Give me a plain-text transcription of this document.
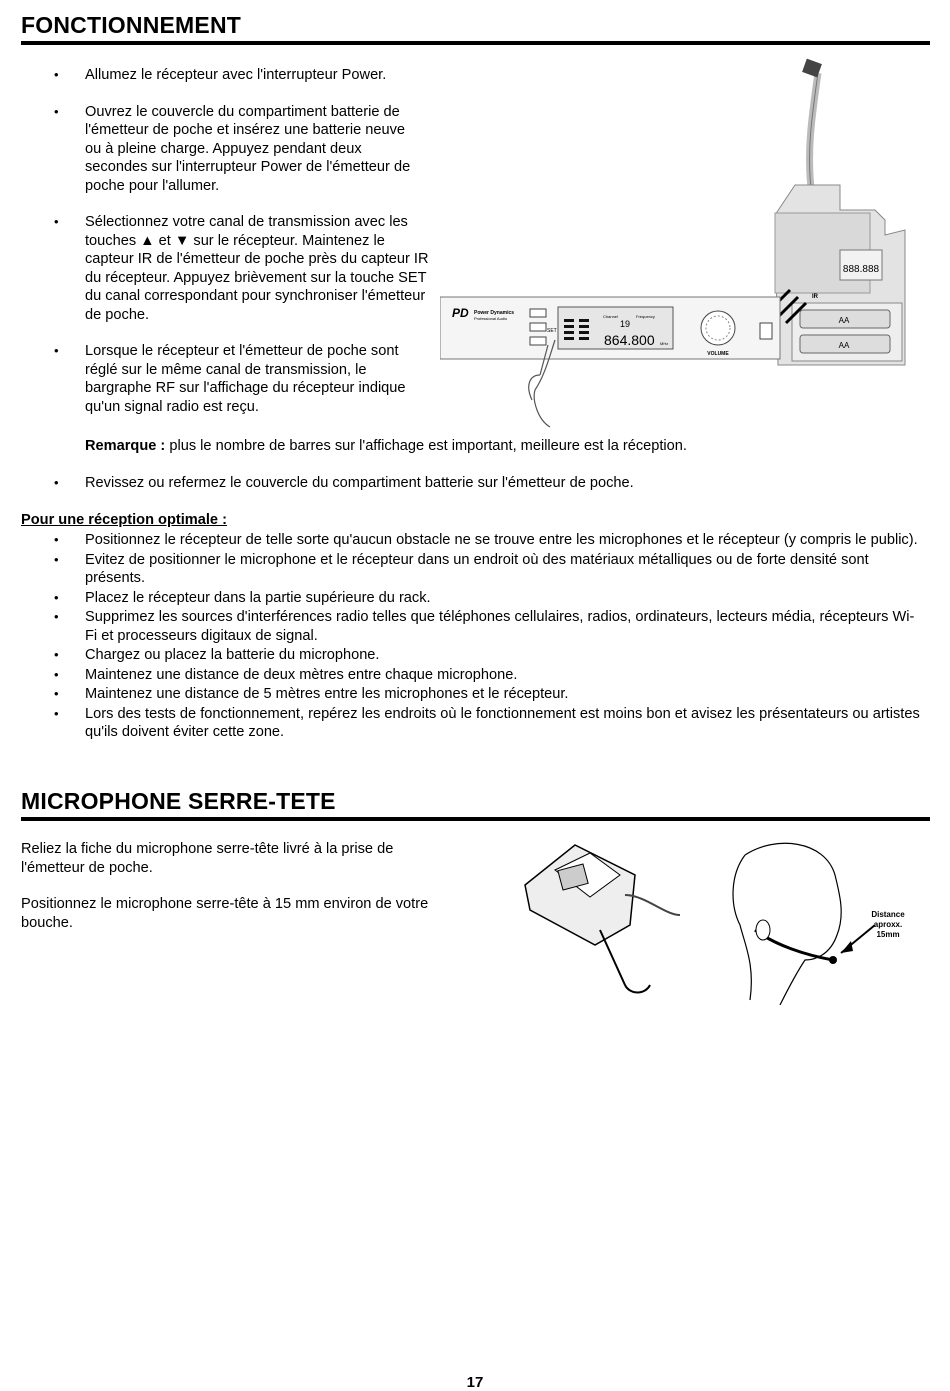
FONCTIONNEMENT
• Allumez le récepteur avec l'interrupteur Power.
• Ouvrez le couvercle du compartiment batterie de l'émetteur de poche et insérez une batterie neuve ou à pleine charge. Appuyez pendant deux secondes sur l'interrupteur Power de l'émetteur de poche pour l'allumer.
• Sélectionnez votre canal de transmission avec les touches ▲ et ▼ sur le récepteur. Maintenez le capteur IR de l'émetteur de poche près du capteur IR du récepteur. Appuyez brièvement sur la touche SET du canal correspondant pour synchroniser l'émetteur de poche.
• Lorsque le récepteur et l'émetteur de poche sont réglé sur le même canal de transmission, le bargraphe RF sur l'affichage du récepteur indique qu'un signal radio est reçu.
Remarque : plus le nombre de barres sur l'affichage est important, meilleure est la réception.
• Revissez ou refermez le couvercle du compartiment batterie sur l'émetteur de poche.
Pour une réception optimale :
• Positionnez le récepteur de telle sorte qu'aucun obstacle ne se trouve entre les microphones et le récepteur (y compris le public).
• Evitez de positionner le microphone et le récepteur dans un endroit où des matériaux métalliques ou de forte densité sont présents.
• Placez le récepteur dans la partie supérieure du rack.
• Supprimez les sources d'interférences radio telles que téléphones cellulaires, radios, ordinateurs, lecteurs média, récepteurs Wi-Fi et processeurs digitaux de signal.
• Chargez ou placez la batterie du microphone.
• Maintenez une distance de deux mètres entre chaque microphone.
• Maintenez une distance de 5 mètres entre les microphones et le récepteur.
• Lors des tests de fonctionnement, repérez les endroits où le fonctionnement est moins bon et avisez les présentateurs ou artistes qu'ils doivent éviter cette zone.
888.888
IR
AA
AA
PD Power Dynamics
Professional Audio
SET
Channel	Frequency
19
864.800 MHz
VOLUME
MICROPHONE SERRE-TETE
Reliez la fiche du microphone serre-tête livré à la prise de l'émetteur de poche.
Positionnez le microphone serre-tête à 15 mm environ de votre bouche.	Distance
aproxx.
15mm
17
